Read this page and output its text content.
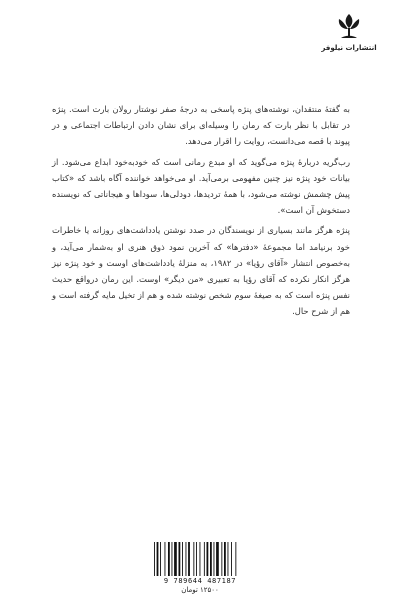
انتشارات نیلوفر

به گفتهٔ منتقدان، نوشته‌های پنژه پاسخی به درجهٔ صفر نوشتار رولان بارت است. پنژه در تقابل با نظر بارت که رمان را وسیله‌ای برای نشان دادن ارتباطات اجتماعی و در پیوند با قصه می‌دانست، روایت را اقرار می‌دهد.

رب‌گریه دربارهٔ پنژه می‌گوید که او مبدع رمانی است که خودبه‌خود ابداع می‌شود. از بیانات خود پنژه نیز چنین مفهومی برمی‌آید. او می‌خواهد خواننده آگاه باشد که «کتاب پیش چشمش نوشته می‌شود، با همهٔ تردیدها، دودلی‌ها، سوداها و هیجاناتی که نویسنده دستخوش آن است».

پنژه هرگز مانند بسیاری از نویسندگان در صدد نوشتن یادداشت‌های روزانه یا خاطرات خود برنیامد اما مجموعهٔ «دفترها» که آخرین نمود ذوق هنری او به‌شمار می‌آید، و به‌خصوص انتشار «آقای رؤیا» در ۱۹۸۲، به منزلهٔ یادداشت‌های اوست و خود پنژه نیز هرگز انکار نکرده که آقای رؤیا به تعبیری «من دیگر» اوست. این رمان درواقع حدیث نفس پنژه است که به صیغهٔ سوم شخص نوشته شده و هم از تخیل مایه گرفته است و هم از شرح حال.

9 789644 487187
۱۲۵۰۰ تومان
